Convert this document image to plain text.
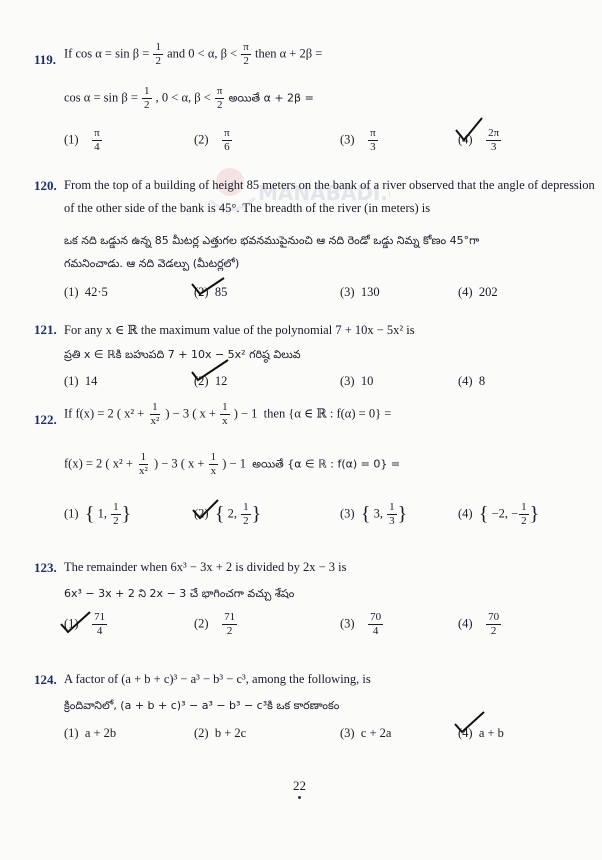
MANABADI.
119. If $\cos \alpha = \sin \beta = \frac{1}{2}$ and 0 < α, $\beta < \frac{\pi}{2}$ then α + 2β =
$\cos \alpha = \sin \beta = \frac{1}{2}$ , 0 < α, $\beta < \frac{\pi}{2}$ అయితే α + 2β =
$(1) \frac{\pi}{4}$	$(2) \frac{\pi}{6}$	$(3) \frac{\pi}{3}$	$(4) \frac{2\pi}{3}$
120. From the top of a building of height 85 meters on the bank of a river observed that the angle of depression
of the other side of the bank is 45°. The breadth of the river (in meters) is
ఒక నది ఒడ్డున ఉన్న 85 మీటర్ల ఎత్తుగల భవనముపైనుంచి ఆ నది రెండో ఒడ్డు నిమ్న కోణం 45°గా
గమనించాడు. ఆ నది వెడల్పు (మీటర్లలో)
(1) 42·5	(2) 85	(3) 130	(4) 202
121. For any x ∈ ℝ the maximum value of the polynomial 7 + 10x − 5x² is
ప్రతి x ∈ ℝకి బహుపది 7 + 10x − 5x² గరిష్ఠ విలువ
(1) 14	(2) 12	(3) 10	(4) 8
122. If f(x) = 2 ( $x^2 + \frac{1}{\text{x²}}$ ) − 3 ( $x + \frac{1}{x}$ ) − 1 then {α ∈ ℝ : f(α) = 0} =
f(x) = 2 ( $x^2 + \frac{1}{\text{x²}}$ ) − 3 ( $x + \frac{1}{x}$ ) − 1 అయితే {α ∈ ℝ : f(α) = 0} =
(1) { 1, $\frac{1}{2}$ }	(2) { 2, $\frac{1}{2}$ }	(3) { 3, $\frac{1}{3}$ }	(4) { −2, − $\frac{1}{2}$ }
123. The remainder when 6x³ − 3x + 2 is divided by 2x − 3 is
6x³ − 3x + 2 ని 2x − 3 చే భాగించగా వచ్చు శేషం
$(1) \frac{71}{4}$	$(2) \frac{71}{2}$	$(3) \frac{70}{4}$	$(4) \frac{70}{2}$
124. A factor of (a + b + c)³ − a³ − b³ − c³, among the following, is
క్రిందివానిలో, (a + b + c)³ − a³ − b³ − c³కి ఒక కారణాంకం
(1) a + 2b	(2) b + 2c	(3) c + 2a	(4) a + b
22
